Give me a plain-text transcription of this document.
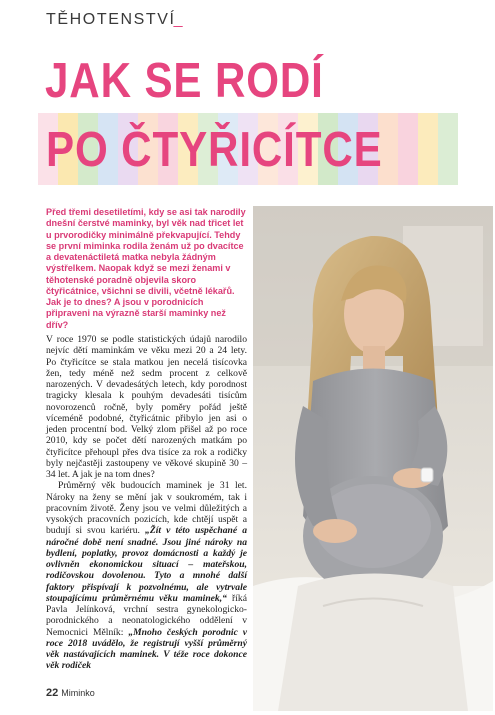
TĚHOTENSTVÍ_
JAK SE RODÍ
PO ČTYŘICÍTCE
Před třemi desetiletími, kdy se asi tak narodily dnešní čerstvé maminky, byl věk nad třicet let u prvorodičky minimálně překvapující. Tehdy se první miminka rodila ženám už po dvacítce a devatenáctiletá matka nebyla žádným výstřelkem. Naopak když se mezi ženami v těhotenské poradně objevila skoro čtyřicátnice, všichni se divili, včetně lékařů. Jak je to dnes? A jsou v porodnicích připraveni na výrazně starší maminky než dřív?

V roce 1970 se podle statistických údajů narodilo nejvíc dětí maminkám ve věku mezi 20 a 24 lety. Po čtyřicítce se stala matkou jen necelá tisícovka žen, tedy méně než sedm procent z celkově narozených. V devadesátých letech, kdy porodnost tragicky klesala k pouhým devadesáti tisícům novorozenců ročně, byly poměry pořád ještě víceméně podobné, čtyřicátnic přibylo jen asi o jeden procentní bod. Velký zlom přišel až po roce 2010, kdy se počet dětí narozených matkám po čtyřicítce přehoupl přes dva tisíce za rok a rodičky byly nejčastěji zastoupeny ve věkové skupině 30 – 34 let. A jak je na tom dnes?

Průměrný věk budoucích maminek je 31 let. Nároky na ženy se mění jak v soukromém, tak i pracovním životě. Ženy jsou ve velmi důležitých a vysokých pracovních pozicích, kde chtějí uspět a budují si svou kariéru. „Žít v této uspěchané a náročné době není snadné. Jsou jiné nároky na bydlení, poplatky, provoz domácnosti a každý je ovlivněn ekonomickou situací – mateřskou, rodičovskou dovolenou. Tyto a mnohé další faktory přispívají k pozvolnému, ale vytrvale stoupajícímu průměrnému věku maminek,“ říká Pavla Jelínková, vrchní sestra gynekologicko-porodnického a neonatologického oddělení v Nemocnici Mělník: „Mnoho českých porodnic v roce 2018 uvádělo, že registrují vyšší průměrný věk nastávajících maminek. V téže roce dokonce věk rodiček

22 Miminko
